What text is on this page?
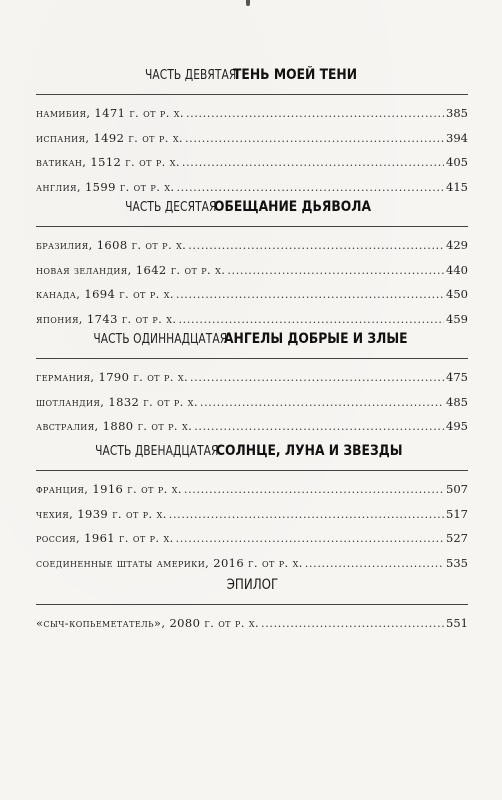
ЧАСТЬ ДЕВЯТАЯ ТЕНЬ МОЕЙ ТЕНИ
намибия, 1471 г. от р. х. . . .	385
испания, 1492 г. от р. х. . . .	394
ватикан, 1512 г. от р. х. . . .	405
англия, 1599 г. от р. х. . . .	415
ЧАСТЬ ДЕСЯТАЯ ОБЕЩАНИЕ ДЬЯВОЛА
бразилия, 1608 г. от р. х. . . .	429
новая зеландия, 1642 г. от р. х. . . .	440
канада, 1694 г. от р. х. . . .	450
япония, 1743 г. от р. х. . . .	459
ЧАСТЬ ОДИННАДЦАТАЯ АНГЕЛЫ ДОБРЫЕ И ЗЛЫЕ
германия, 1790 г. от р. х. . . .	475
шотландия, 1832 г. от р. х. . . .	485
австралия, 1880 г. от р. х. . . .	495
ЧАСТЬ ДВЕНАДЦАТАЯ СОЛНЦЕ, ЛУНА И ЗВЕЗДЫ
франция, 1916 г. от р. х. . . .	507
чехия, 1939 г. от р. х. . . .	517
россия, 1961 г. от р. х. . . .	527
соединенные штаты америки, 2016 г. от р. х. . . .	535
ЭПИЛОГ
«сыч-копьеметатель», 2080 г. от р. х. . . .	551
